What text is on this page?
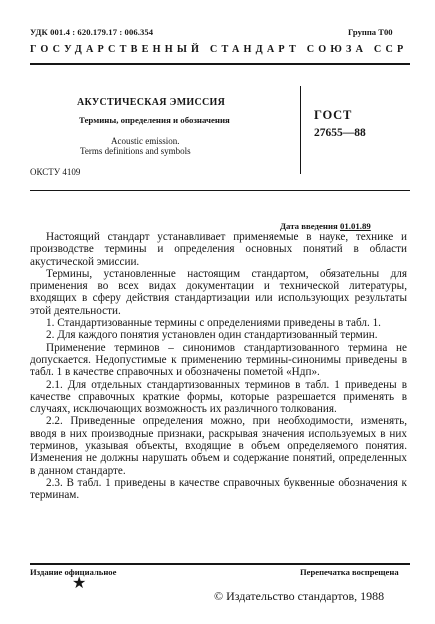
УДК 001.4 : 620.179.17 : 006.354	Группа Т00
ГОСУДАРСТВЕННЫЙ СТАНДАРТ СОЮЗА ССР
АКУСТИЧЕСКАЯ ЭМИССИЯ
Термины, определения и обозначения
Acoustic emission.
Terms definitions and symbols
ГОСТ
27655—88
ОКСТУ 4109
Дата введения 01.01.89

Настоящий стандарт устанавливает применяемые в науке, технике и производстве термины и определения основных понятий в области акустической эмиссии.

Термины, установленные настоящим стандартом, обязательны для применения во всех видах документации и технической литературы, входящих в сферу действия стандартизации или использующих результаты этой деятельности.

1. Стандартизованные термины с определениями приведены в табл. 1.

2. Для каждого понятия установлен один стандартизованный термин.

Применение терминов – синонимов стандартизованного термина не допускается. Недопустимые к применению термины-синонимы приведены в табл. 1 в качестве справочных и обозначены пометой «Ндп».

2.1. Для отдельных стандартизованных терминов в табл. 1 приведены в качестве справочных краткие формы, которые разрешается применять в случаях, исключающих возможность их различного толкования.

2.2. Приведенные определения можно, при необходимости, изменять, вводя в них производные признаки, раскрывая значения используемых в них терминов, указывая объекты, входящие в объем определяемого понятия. Изменения не должны нарушать объем и содержание понятий, определенных в данном стандарте.

2.3. В табл. 1 приведены в качестве справочных буквенные обозначения к терминам.

Издание официальное	Перепечатка воспрещена
★
© Издательство стандартов, 1988
